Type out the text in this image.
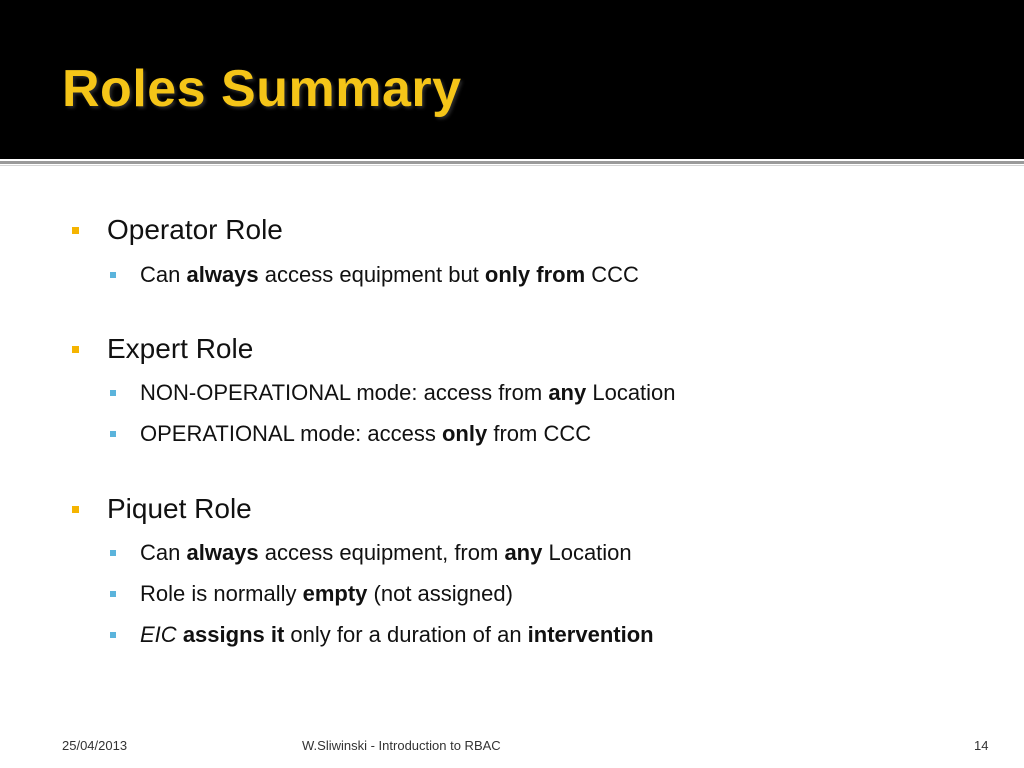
Roles Summary
Operator Role
Can always access equipment but only from CCC
Expert Role
NON-OPERATIONAL mode: access from any Location
OPERATIONAL mode: access only from CCC
Piquet Role
Can always access equipment, from any Location
Role is normally empty (not assigned)
EIC assigns it only for a duration of an intervention
25/04/2013	W.Sliwinski - Introduction to RBAC	14
